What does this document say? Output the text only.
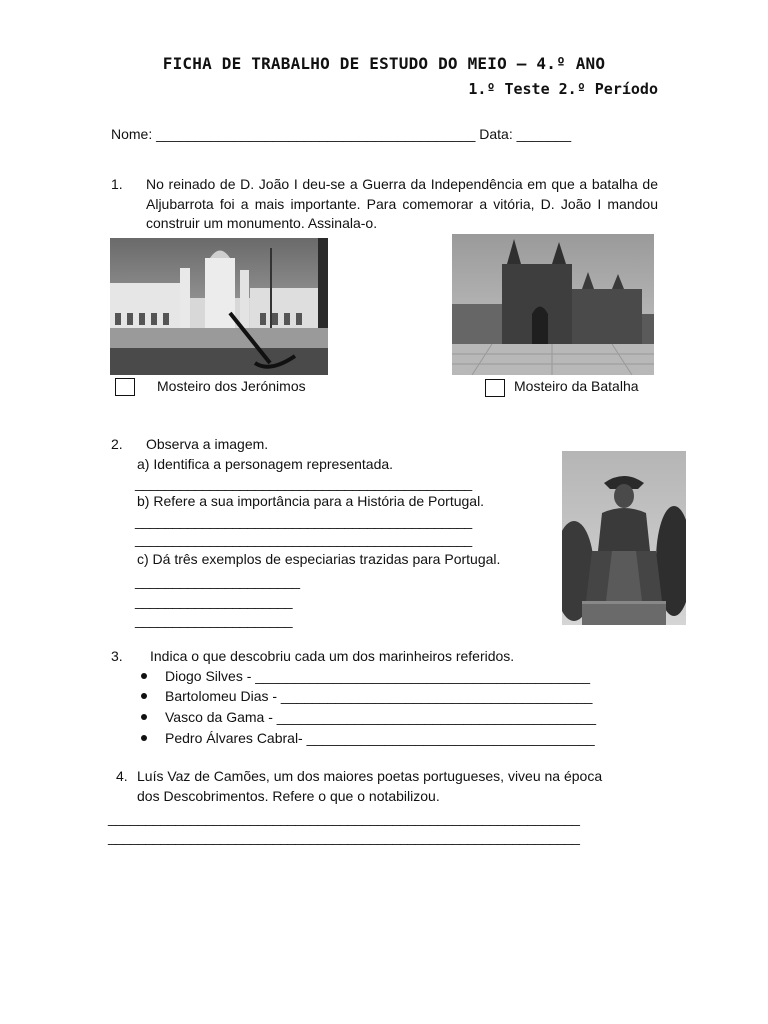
FICHA DE TRABALHO DE ESTUDO DO MEIO – 4.º ANO
1.º Teste 2.º Período
Nome: _________________________________________ Data: _______
1. No reinado de D. João I deu-se a Guerra da Independência em que a batalha de Aljubarrota foi a mais importante. Para comemorar a vitória, D. João I mandou construir um monumento. Assinala-o.
Mosteiro dos Jerónimos	Mosteiro da Batalha
2. Observa a imagem.
a) Identifica a personagem representada.
_____________________________________________
b) Refere a sua importância para a História de Portugal.
_____________________________________________
_____________________________________________
c) Dá três exemplos de especiarias trazidas para Portugal.
______________________
_____________________
_____________________
3. Indica o que descobriu cada um dos marinheiros referidos.
Diogo Silves - ___________________________________________
Bartolomeu Dias - ________________________________________
Vasco da Gama - _________________________________________
Pedro Álvares Cabral- _____________________________________
4. Luís Vaz de Camões, um dos maiores poetas portugueses, viveu na época
dos Descobrimentos. Refere o que o notabilizou.
_______________________________________________________________
_______________________________________________________________
